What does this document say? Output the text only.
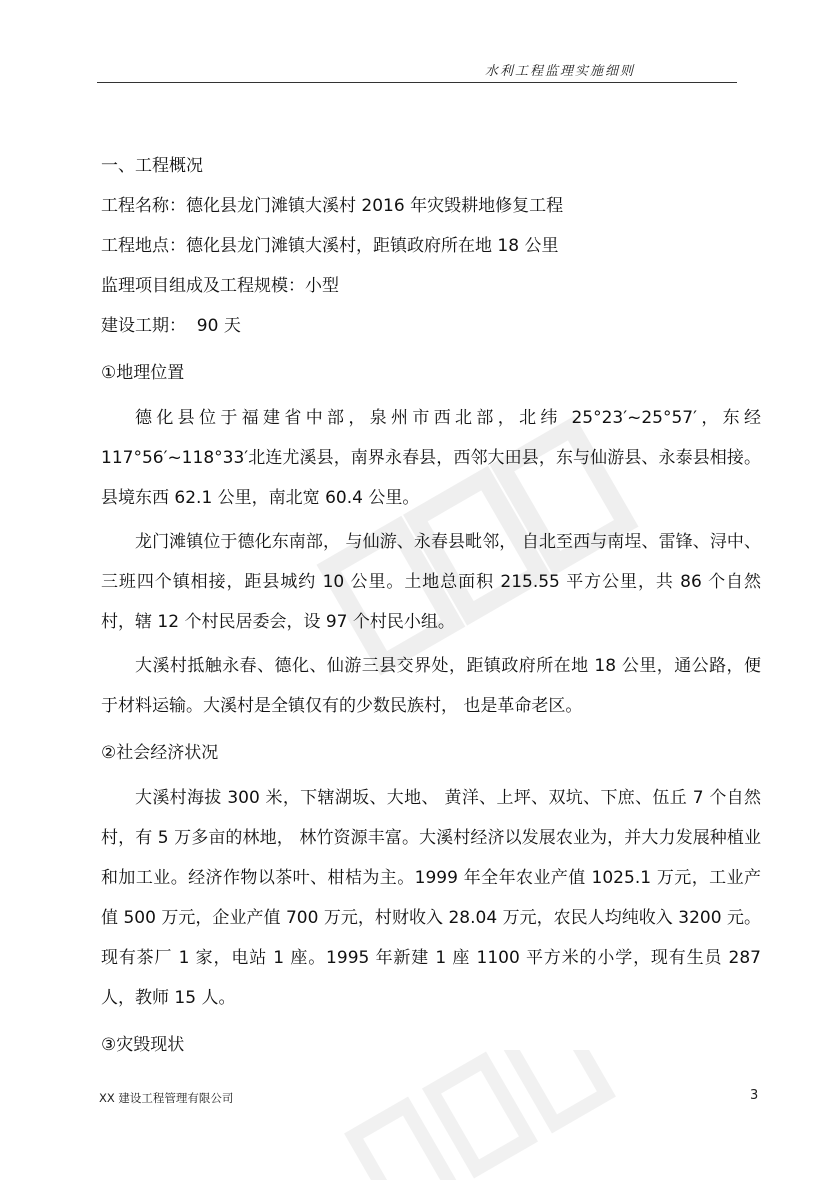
水利工程监理实施细则
一、工程概况
工程名称：德化县龙门滩镇大溪村 2016 年灾毁耕地修复工程
工程地点：德化县龙门滩镇大溪村，距镇政府所在地 18 公里
监理项目组成及工程规模：小型
建设工期：  90 天
①地理位置
德化县位于福建省中部，泉州市西北部，北纬 25°23′~25°57′，东经 117°56′~118°33′北连尤溪县，南界永春县，西邻大田县，东与仙游县、永泰县相接。县境东西 62.1 公里，南北宽 60.4 公里。
龙门滩镇位于德化东南部， 与仙游、永春县毗邻， 自北至西与南埕、雷锋、浔中、三班四个镇相接，距县城约 10 公里。土地总面积 215.55 平方公里，共 86 个自然村，辖 12 个村民居委会，设 97 个村民小组。
大溪村抵触永春、德化、仙游三县交界处，距镇政府所在地 18 公里，通公路，便于材料运输。大溪村是全镇仅有的少数民族村， 也是革命老区。
②社会经济状况
大溪村海拔 300 米，下辖湖坂、大地、 黄洋、上坪、双坑、下庶、伍丘 7 个自然村，有 5 万多亩的林地， 林竹资源丰富。大溪村经济以发展农业为，并大力发展种植业和加工业。经济作物以茶叶、柑桔为主。1999 年全年农业产值 1025.1 万元，工业产值 500 万元，企业产值 700 万元，村财收入 28.04 万元，农民人均纯收入 3200 元。现有茶厂 1 家，电站 1 座。1995 年新建 1 座 1100 平方米的小学，现有生员 287 人，教师 15 人。
③灾毁现状
XX 建设工程管理有限公司	3
